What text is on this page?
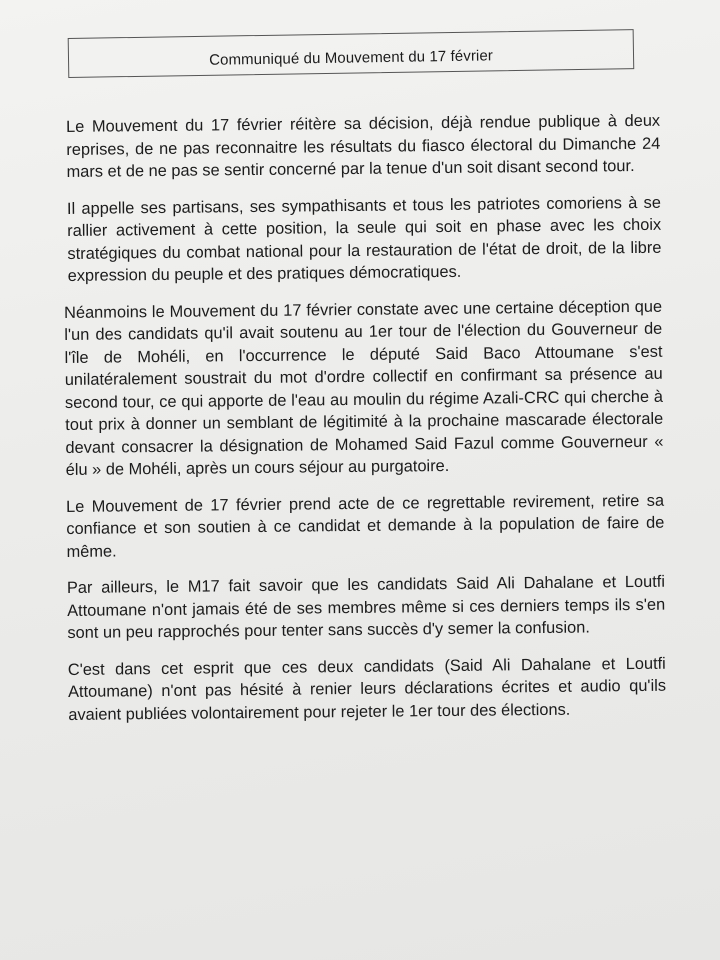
Communiqué du Mouvement du 17 février

Le Mouvement du 17 février réitère sa décision, déjà rendue publique à deux reprises, de ne pas reconnaitre les résultats du fiasco électoral du Dimanche 24 mars et de ne pas se sentir concerné par la tenue d'un soit disant second tour.

Il appelle ses partisans, ses sympathisants et tous les patriotes comoriens à se rallier activement à cette position, la seule qui soit en phase avec les choix stratégiques du combat national pour la restauration de l'état de droit, de la libre expression du peuple et des pratiques démocratiques.

Néanmoins le Mouvement du 17 février constate avec une certaine déception que l'un des candidats qu'il avait soutenu au 1er tour de l'élection du Gouverneur de l'île de Mohéli, en l'occurrence le député Said Baco Attoumane s'est unilatéralement soustrait du mot d'ordre collectif en confirmant sa présence au second tour, ce qui apporte de l'eau au moulin du régime Azali-CRC qui cherche à tout prix à donner un semblant de légitimité à la prochaine mascarade électorale devant consacrer la désignation de Mohamed Said Fazul comme Gouverneur « élu » de Mohéli, après un cours séjour au purgatoire.

Le Mouvement de 17 février prend acte de ce regrettable revirement, retire sa confiance et son soutien à ce candidat et demande à la population de faire de même.

Par ailleurs, le M17 fait savoir que les candidats Said Ali Dahalane et Loutfi Attoumane n'ont jamais été de ses membres même si ces derniers temps ils s'en sont un peu rapprochés pour tenter sans succès d'y semer la confusion.

C'est dans cet esprit que ces deux candidats (Said Ali Dahalane et Loutfi Attoumane) n'ont pas hésité à renier leurs déclarations écrites et audio qu'ils avaient publiées volontairement pour rejeter le 1er tour des élections.
